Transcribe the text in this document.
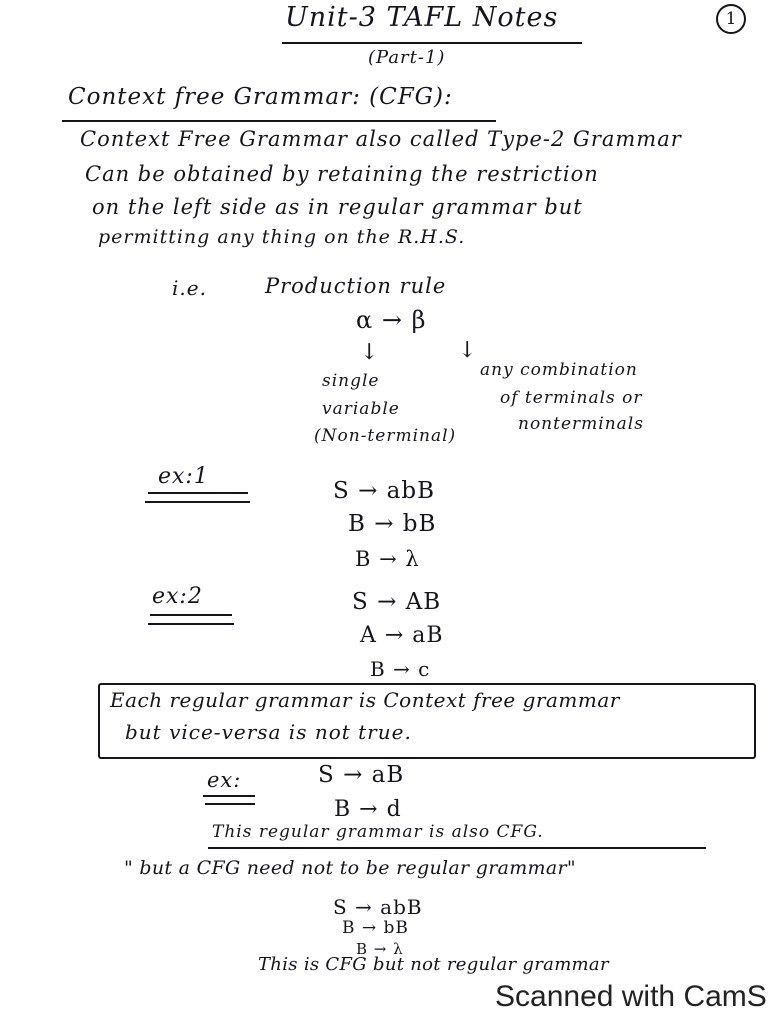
Unit-3 TAFL Notes
(Part-1)
1
Context free Grammar: (CFG):
Context Free Grammar also called Type-2 Grammar
Can be obtained by retaining the restriction
on the left side as in regular grammar but
permitting any thing on the R.H.S.
i.e.	Production rule
α → β
↓	↓
single
variable
(Non-terminal)
any combination
of terminals or
nonterminals
ex:1
S → abB
B → bB
B → λ
ex:2	S → AB
A → aB
B → c
Each regular grammar is Context free grammar
but vice-versa is not true.
ex:	S → aB
B → d
This regular grammar is also CFG.
" but a CFG need not to be regular grammar"
S → abB
B → bB
B → λ
This is CFG but not regular grammar
Scanned with CamS
